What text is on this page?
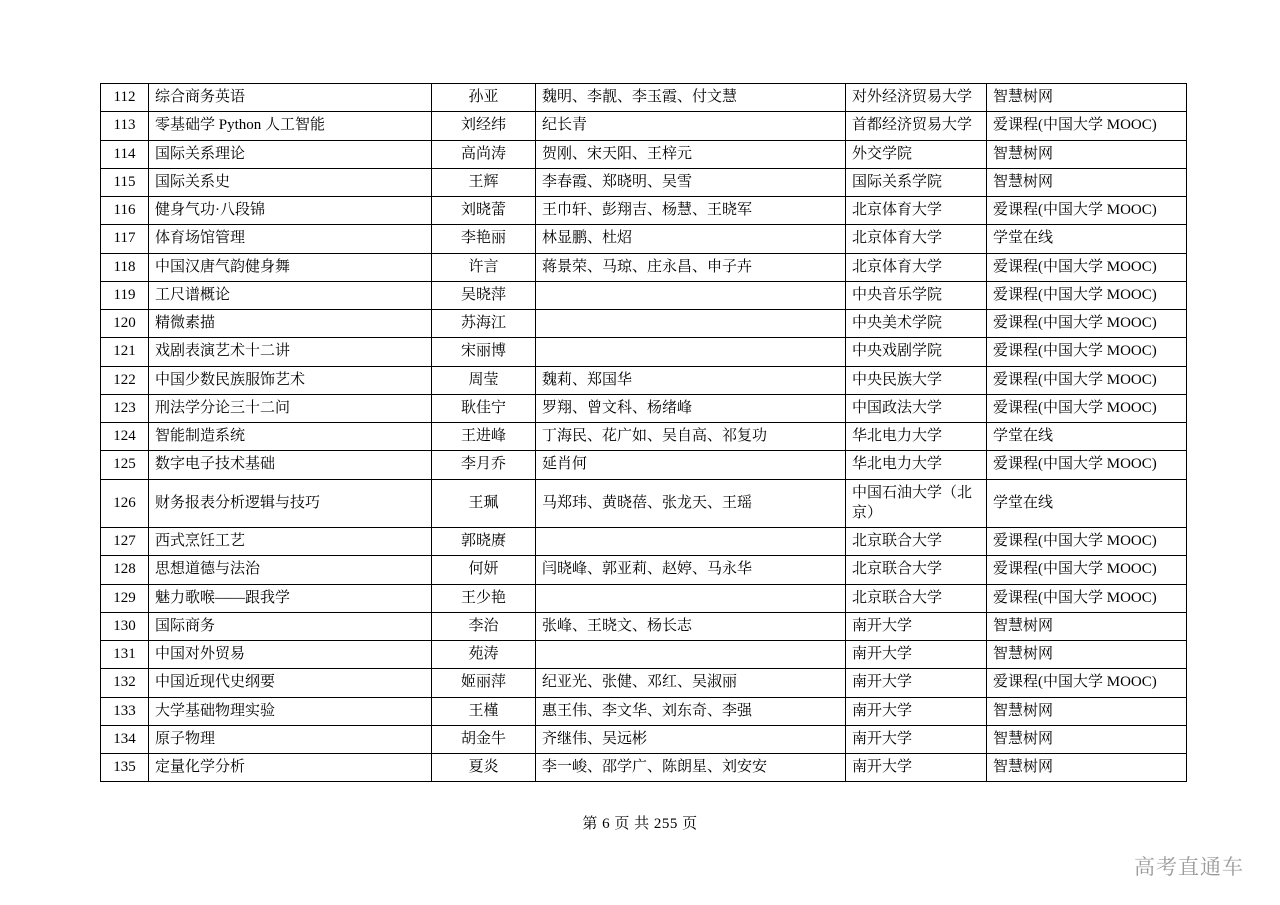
112	综合商务英语	孙亚	魏明、李靓、李玉霞、付文慧	对外经济贸易大学	智慧树网
113	零基础学 Python 人工智能	刘经纬	纪长青	首都经济贸易大学	爱课程(中国大学 MOOC)
114	国际关系理论	高尚涛	贺刚、宋天阳、王梓元	外交学院	智慧树网
115	国际关系史	王辉	李春霞、郑晓明、吴雪	国际关系学院	智慧树网
116	健身气功·八段锦	刘晓蕾	王巾轩、彭翔吉、杨慧、王晓军	北京体育大学	爱课程(中国大学 MOOC)
117	体育场馆管理	李艳丽	林显鹏、杜炤	北京体育大学	学堂在线
118	中国汉唐气韵健身舞	许言	蒋景荣、马琼、庄永昌、申子卉	北京体育大学	爱课程(中国大学 MOOC)
119	工尺谱概论	吴晓萍		中央音乐学院	爱课程(中国大学 MOOC)
120	精微素描	苏海江		中央美术学院	爱课程(中国大学 MOOC)
121	戏剧表演艺术十二讲	宋丽博		中央戏剧学院	爱课程(中国大学 MOOC)
122	中国少数民族服饰艺术	周莹	魏莉、郑国华	中央民族大学	爱课程(中国大学 MOOC)
123	刑法学分论三十二问	耿佳宁	罗翔、曾文科、杨绪峰	中国政法大学	爱课程(中国大学 MOOC)
124	智能制造系统	王进峰	丁海民、花广如、吴自高、祁复功	华北电力大学	学堂在线
125	数字电子技术基础	李月乔	延肖何	华北电力大学	爱课程(中国大学 MOOC)
126	财务报表分析逻辑与技巧	王珮	马郑玮、黄晓蓓、张龙天、王瑶	中国石油大学（北京）	学堂在线
127	西式烹饪工艺	郭晓赓		北京联合大学	爱课程(中国大学 MOOC)
128	思想道德与法治	何妍	闫晓峰、郭亚莉、赵婷、马永华	北京联合大学	爱课程(中国大学 MOOC)
129	魅力歌喉——跟我学	王少艳		北京联合大学	爱课程(中国大学 MOOC)
130	国际商务	李治	张峰、王晓文、杨长志	南开大学	智慧树网
131	中国对外贸易	苑涛		南开大学	智慧树网
132	中国近现代史纲要	姬丽萍	纪亚光、张健、邓红、吴淑丽	南开大学	爱课程(中国大学 MOOC)
133	大学基础物理实验	王槿	惠王伟、李文华、刘东奇、李强	南开大学	智慧树网
134	原子物理	胡金牛	齐继伟、吴远彬	南开大学	智慧树网
135	定量化学分析	夏炎	李一峻、邵学广、陈朗星、刘安安	南开大学	智慧树网
第 6 页 共 255 页
高考直通车
